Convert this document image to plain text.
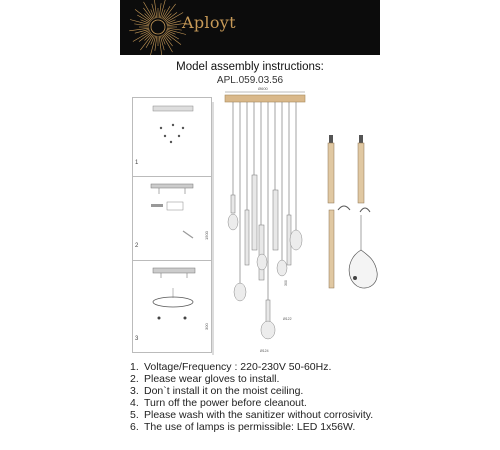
Aployt
Model assembly instructions:
APL.059.03.56
1
2
3
Ø600
1500
300
Ø122
Ø124
300
1. Voltage/Frequency : 220-230V 50-60Hz.
2. Please wear gloves to install.
3. Don`t install it on the moist ceiling.
4. Turn off the power before cleanout.
5. Please wash with the sanitizer without corrosivity.
6. The use of lamps is permissible: LED 1x56W.
